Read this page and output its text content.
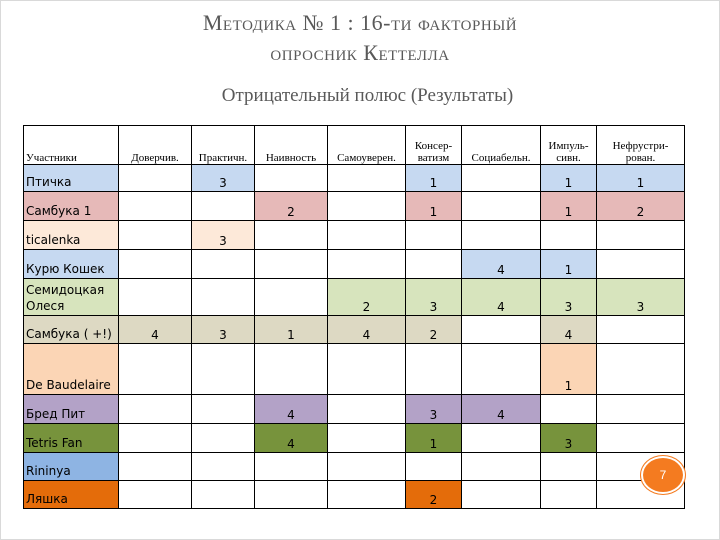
Методика № 1 : 16-ти факторный
опросник Кеттелла
Отрицательный полюс (Результаты)
Участники	Доверчив.	Практичн.	Наивность	Самоуверен.	Консер-ватизм	Социабельн.	Импуль-сивн.	Нефрустри-рован.
Птичка		3			1		1	1
Самбука 1			2		1		1	2
ticalenka		3						
Курю Кошек						4	1	
Семидоцкая Олеся				2	3	4	3	3
Самбука ( +!)	4	3	1	4	2		4	
De Baudelaire							1	
Бред Пит			4		3	4		
Tetris Fan			4		1		3	
Rininya								
Ляшка					2			
7
